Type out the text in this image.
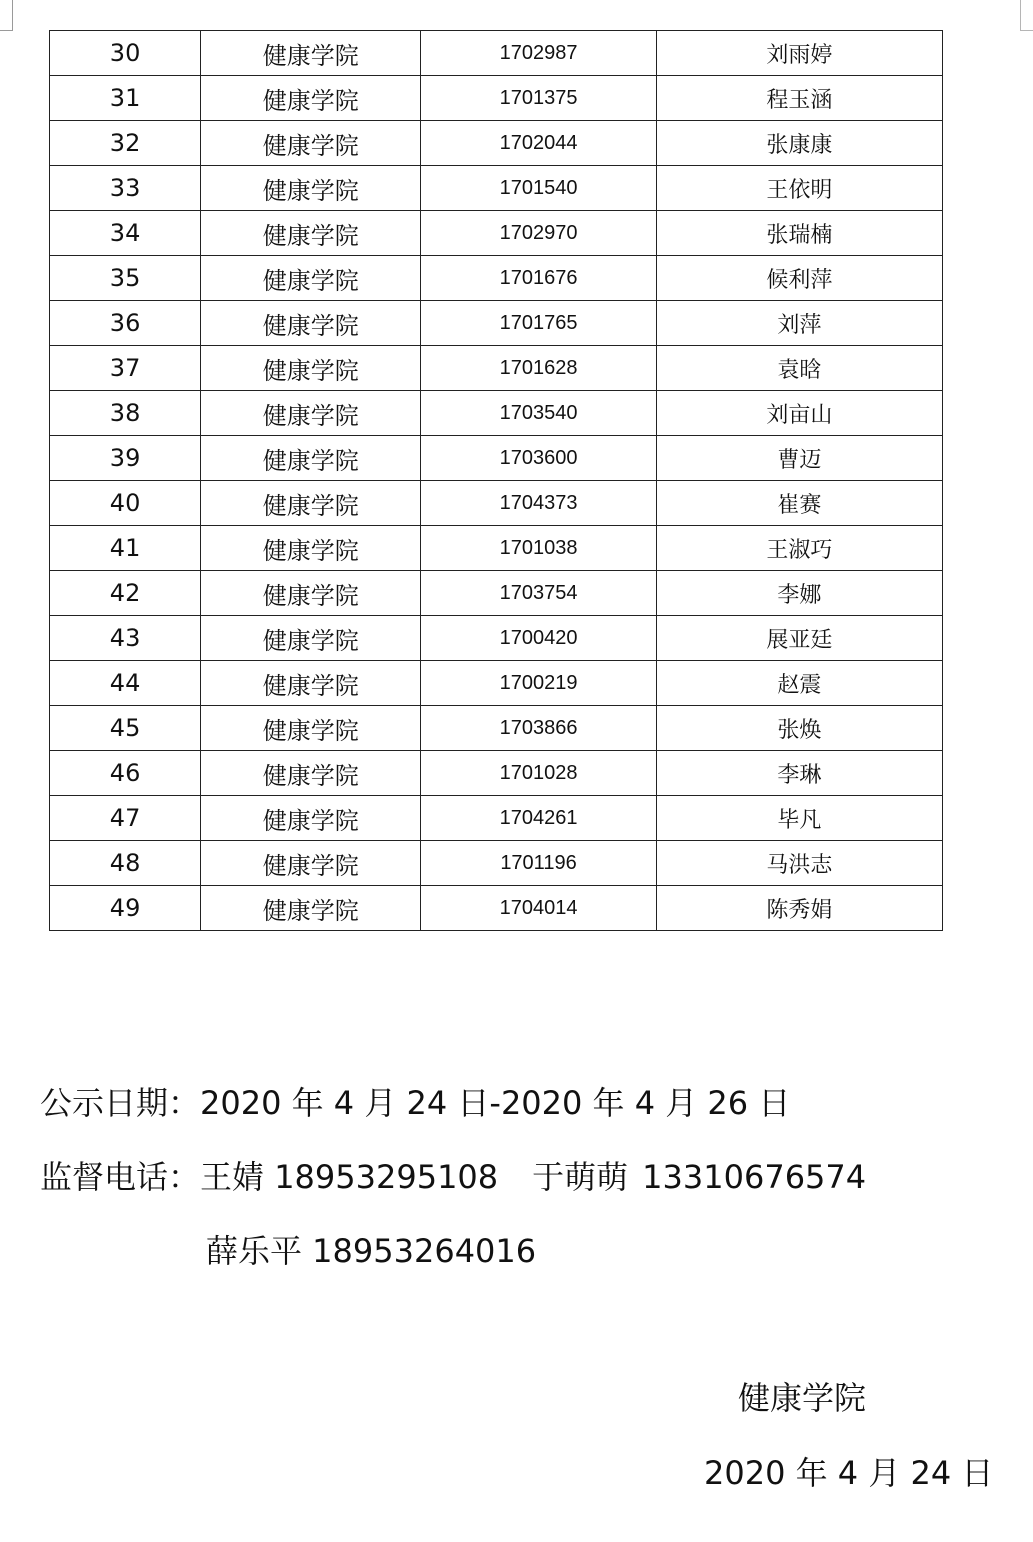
30	健康学院	1702987	刘雨婷
31	健康学院	1701375	程玉涵
32	健康学院	1702044	张康康
33	健康学院	1701540	王依明
34	健康学院	1702970	张瑞楠
35	健康学院	1701676	候利萍
36	健康学院	1701765	刘萍
37	健康学院	1701628	袁晗
38	健康学院	1703540	刘亩山
39	健康学院	1703600	曹迈
40	健康学院	1704373	崔赛
41	健康学院	1701038	王淑巧
42	健康学院	1703754	李娜
43	健康学院	1700420	展亚廷
44	健康学院	1700219	赵震
45	健康学院	1703866	张焕
46	健康学院	1701028	李琳
47	健康学院	1704261	毕凡
48	健康学院	1701196	马洪志
49	健康学院	1704014	陈秀娟
公示日期：2020 年 4 月 24 日-2020 年 4 月 26 日
监督电话：王婧 18953295108 于萌萌 13310676574
薛乐平 18953264016
健康学院
2020 年 4 月 24 日
